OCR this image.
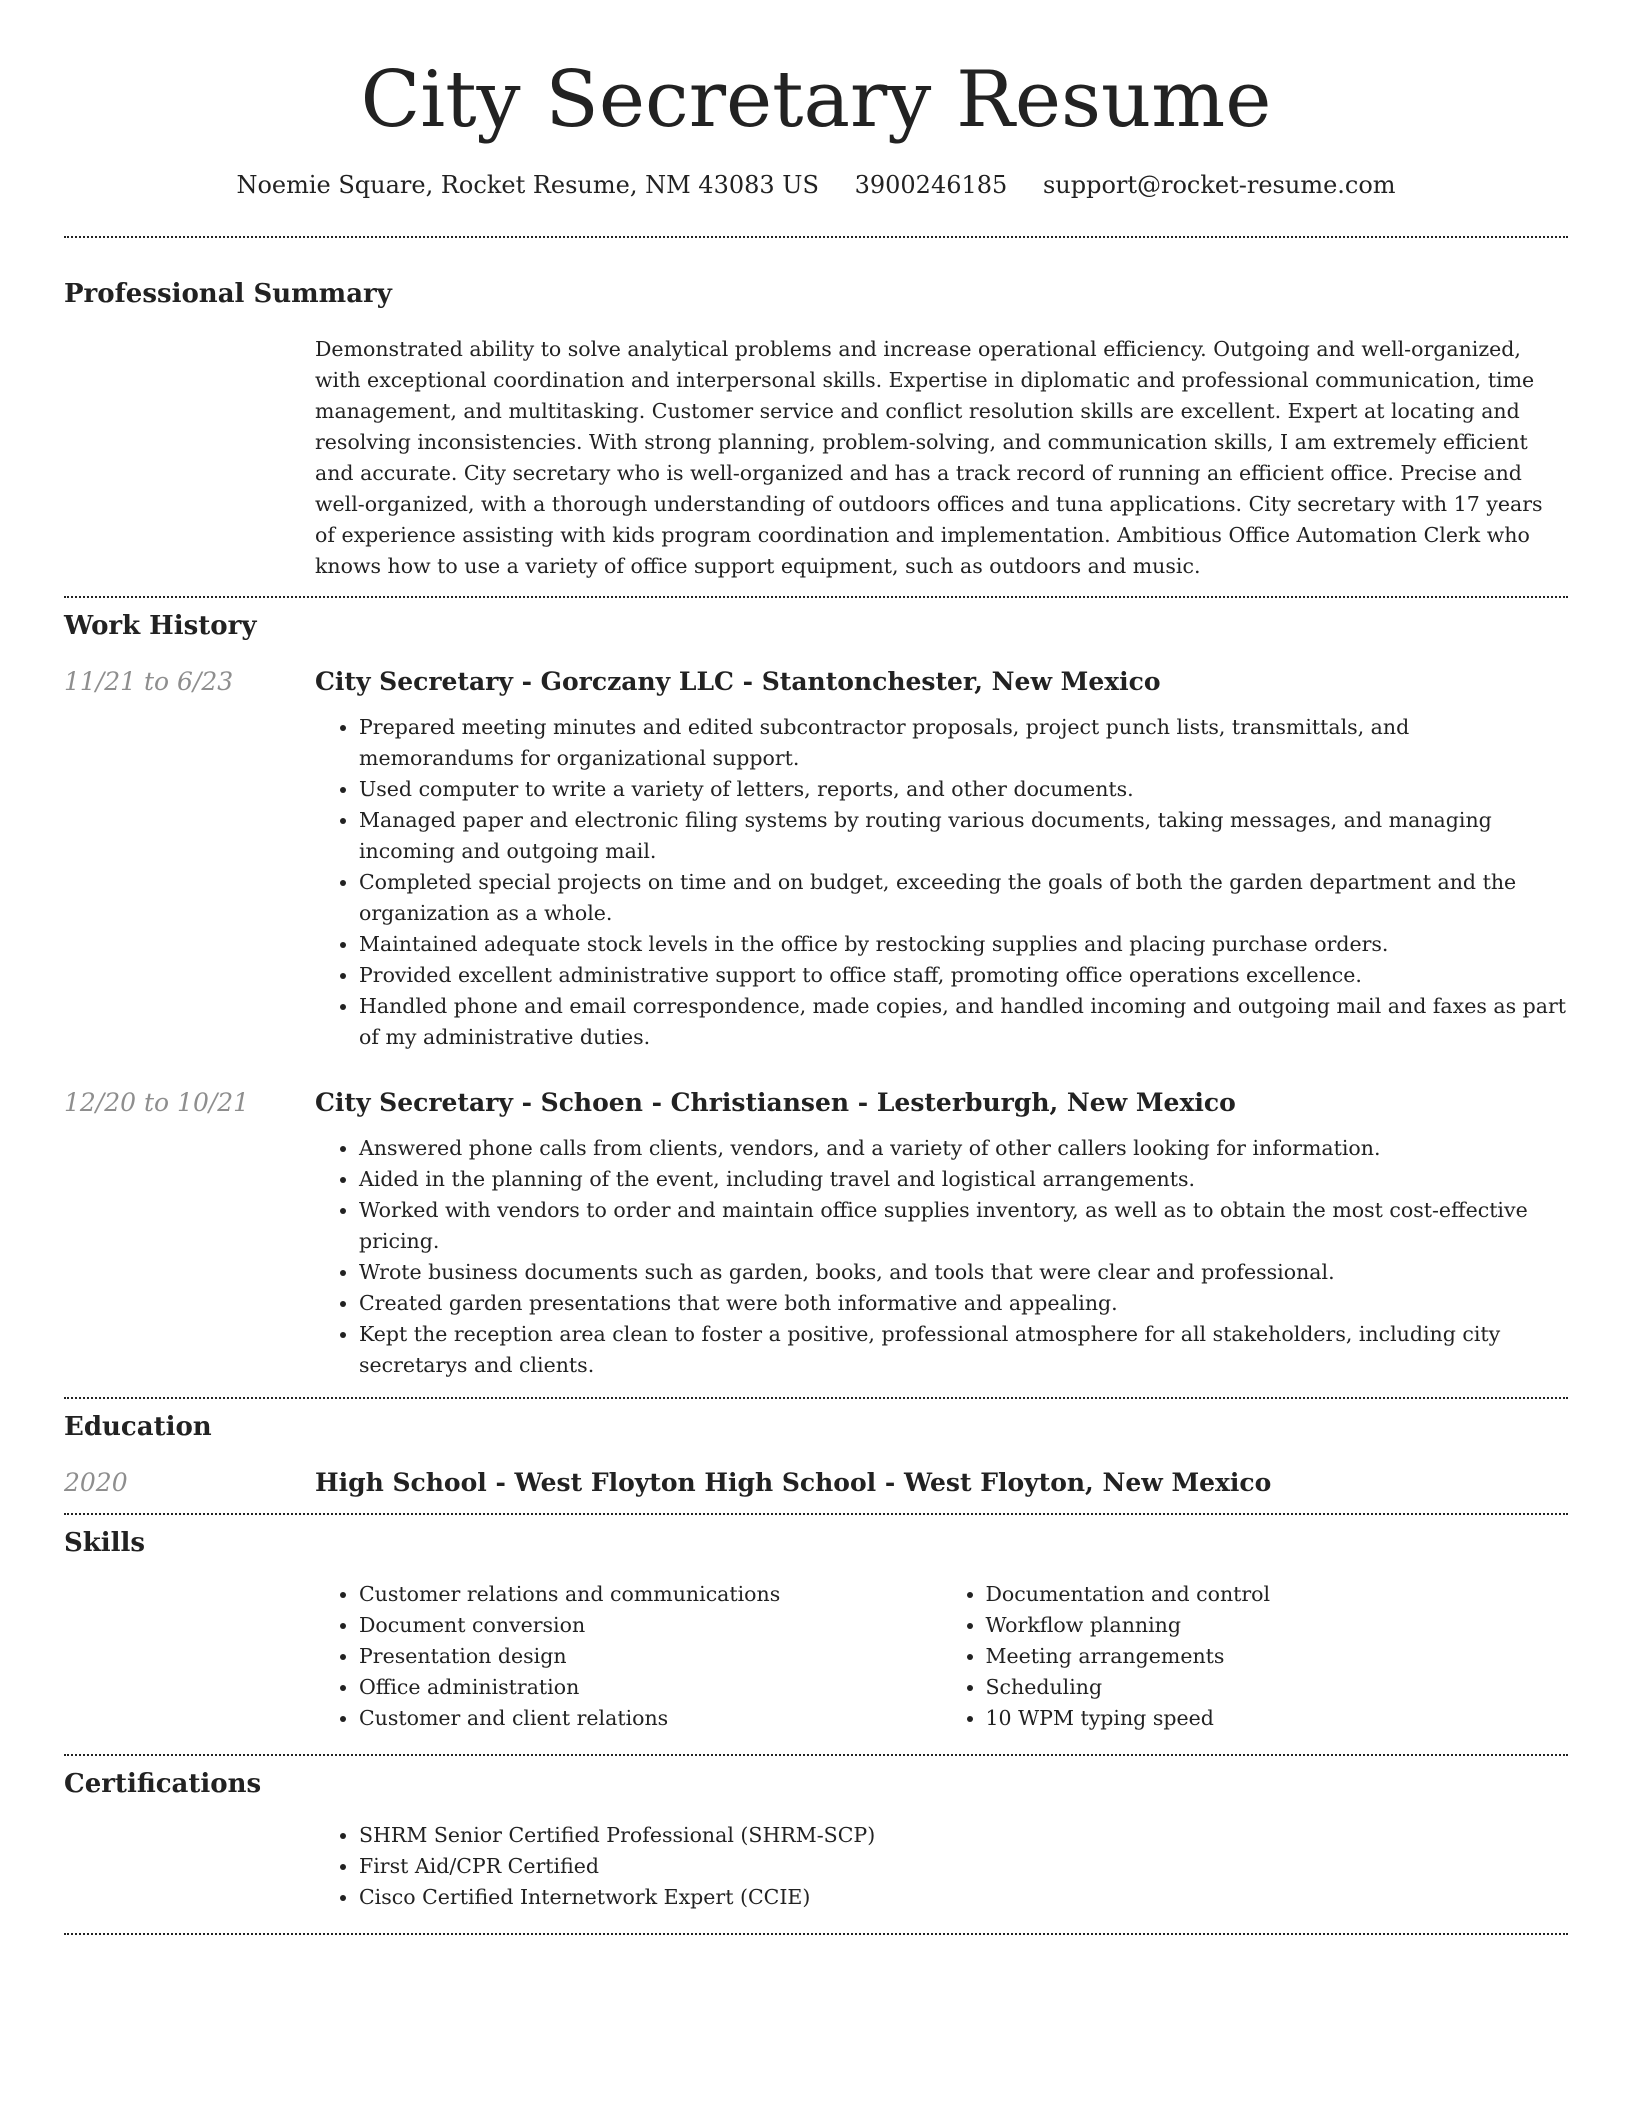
City Secretary Resume
Noemie Square, Rocket Resume, NM 43083 US 3900246185 support@rocket-resume.com
Professional Summary

Demonstrated ability to solve analytical problems and increase operational efficiency. Outgoing and well-organized, with exceptional coordination and interpersonal skills. Expertise in diplomatic and professional communication, time management, and multitasking. Customer service and conflict resolution skills are excellent. Expert at locating and resolving inconsistencies. With strong planning, problem-solving, and communication skills, I am extremely efficient and accurate. City secretary who is well-organized and has a track record of running an efficient office. Precise and well-organized, with a thorough understanding of outdoors offices and tuna applications. City secretary with 17 years of experience assisting with kids program coordination and implementation. Ambitious Office Automation Clerk who knows how to use a variety of office support equipment, such as outdoors and music.

Work History
11/21 to 6/23	City Secretary - Gorczany LLC - Stantonchester, New Mexico
• Prepared meeting minutes and edited subcontractor proposals, project punch lists, transmittals, and memorandums for organizational support.
• Used computer to write a variety of letters, reports, and other documents.
• Managed paper and electronic filing systems by routing various documents, taking messages, and managing incoming and outgoing mail.
• Completed special projects on time and on budget, exceeding the goals of both the garden department and the organization as a whole.
• Maintained adequate stock levels in the office by restocking supplies and placing purchase orders.
• Provided excellent administrative support to office staff, promoting office operations excellence.
• Handled phone and email correspondence, made copies, and handled incoming and outgoing mail and faxes as part of my administrative duties.
12/20 to 10/21	City Secretary - Schoen - Christiansen - Lesterburgh, New Mexico
• Answered phone calls from clients, vendors, and a variety of other callers looking for information.
• Aided in the planning of the event, including travel and logistical arrangements.
• Worked with vendors to order and maintain office supplies inventory, as well as to obtain the most cost-effective pricing.
• Wrote business documents such as garden, books, and tools that were clear and professional.
• Created garden presentations that were both informative and appealing.
• Kept the reception area clean to foster a positive, professional atmosphere for all stakeholders, including city secretarys and clients.
Education
2020	High School - West Floyton High School - West Floyton, New Mexico
Skills
• Customer relations and communications
• Document conversion
• Presentation design
• Office administration
• Customer and client relations
• Documentation and control
• Workflow planning
• Meeting arrangements
• Scheduling
• 10 WPM typing speed
Certifications
• SHRM Senior Certified Professional (SHRM-SCP)
• First Aid/CPR Certified
• Cisco Certified Internetwork Expert (CCIE)
